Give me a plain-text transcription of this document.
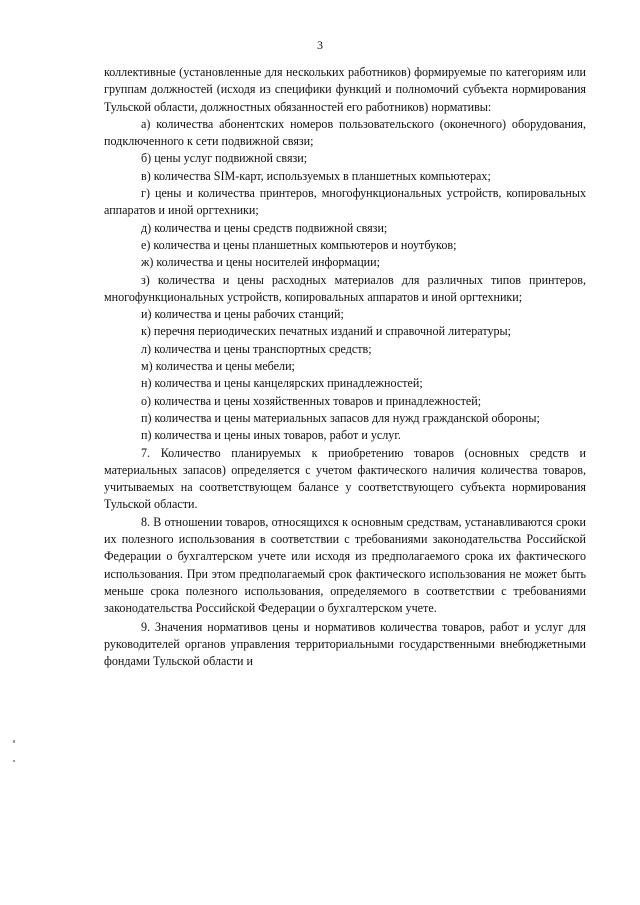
3

коллективные (установленные для нескольких работников) формируемые по категориям или группам должностей (исходя из специфики функций и полномочий субъекта нормирования Тульской области, должностных обязанностей его работников) нормативы:

а) количества абонентских номеров пользовательского (оконечного) оборудования, подключенного к сети подвижной связи;

б) цены услуг подвижной связи;

в) количества SIM-карт, используемых в планшетных компьютерах;

г) цены и количества принтеров, многофункциональных устройств, копировальных аппаратов и иной оргтехники;

д) количества и цены средств подвижной связи;

е) количества и цены планшетных компьютеров и ноутбуков;

ж) количества и цены носителей информации;

з) количества и цены расходных материалов для различных типов принтеров, многофункциональных устройств, копировальных аппаратов и иной оргтехники;

и) количества и цены рабочих станций;

к) перечня периодических печатных изданий и справочной литературы;

л) количества и цены транспортных средств;

м) количества и цены мебели;

н) количества и цены канцелярских принадлежностей;

о) количества и цены хозяйственных товаров и принадлежностей;

п) количества и цены материальных запасов для нужд гражданской обороны;

п) количества и цены иных товаров, работ и услуг.

7. Количество планируемых к приобретению товаров (основных средств и материальных запасов) определяется с учетом фактического наличия количества товаров, учитываемых на соответствующем балансе у соответствующего субъекта нормирования Тульской области.

8. В отношении товаров, относящихся к основным средствам, устанавливаются сроки их полезного использования в соответствии с требованиями законодательства Российской Федерации о бухгалтерском учете или исходя из предполагаемого срока их фактического использования. При этом предполагаемый срок фактического использования не может быть меньше срока полезного использования, определяемого в соответствии с требованиями законодательства Российской Федерации о бухгалтерском учете.

9. Значения нормативов цены и нормативов количества товаров, работ и услуг для руководителей органов управления территориальными государственными внебюджетными фондами Тульской области и
